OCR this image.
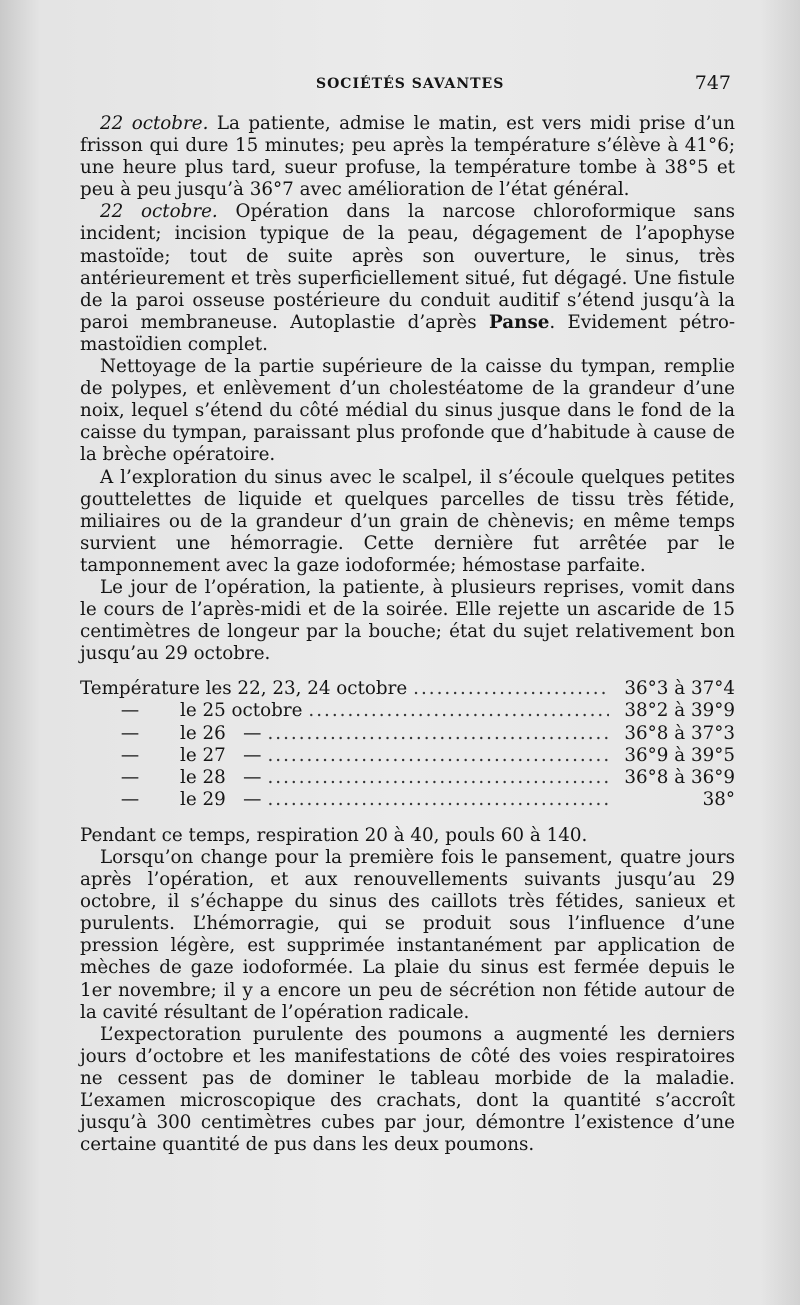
SOCIÉTÉS SAVANTES	747

22 octobre. La patiente, admise le matin, est vers midi prise d’un frisson qui dure 15 minutes; peu après la température s’élève à 41°6; une heure plus tard, sueur profuse, la température tombe à 38°5 et peu à peu jusqu’à 36°7 avec amélioration de l’état général.

22 octobre. Opération dans la narcose chloroformique sans incident; incision typique de la peau, dégagement de l’apophyse mastoïde; tout de suite après son ouverture, le sinus, très antérieurement et très superficiellement situé, fut dégagé. Une fistule de la paroi osseuse postérieure du conduit auditif s’étend jusqu’à la paroi membraneuse. Autoplastie d’après Panse. Evidement pétro-mastoïdien complet.

Nettoyage de la partie supérieure de la caisse du tympan, remplie de polypes, et enlèvement d’un cholestéatome de la grandeur d’une noix, lequel s’étend du côté médial du sinus jusque dans le fond de la caisse du tympan, paraissant plus profonde que d’habitude à cause de la brèche opératoire.

A l’exploration du sinus avec le scalpel, il s’écoule quelques petites gouttelettes de liquide et quelques parcelles de tissu très fétide, miliaires ou de la grandeur d’un grain de chènevis; en même temps survient une hémorragie. Cette dernière fut arrêtée par le tamponnement avec la gaze iodoformée; hémostase parfaite.

Le jour de l’opération, la patiente, à plusieurs reprises, vomit dans le cours de l’après-midi et de la soirée. Elle rejette un ascaride de 15 centimètres de longeur par la bouche; état du sujet relativement bon jusqu’au 29 octobre.

Température les 22, 23, 24 octobre .....	36°3 à 37°4
—	le 25 octobre .....	38°2 à 39°9
—	le 26   — .....	36°8 à 37°3
—	le 27   — .....	36°9 à 39°5
—	le 28   — .....	36°8 à 36°9
—	le 29   — .....	38°

Pendant ce temps, respiration 20 à 40, pouls 60 à 140.

Lorsqu’on change pour la première fois le pansement, quatre jours après l’opération, et aux renouvellements suivants jusqu’au 29 octobre, il s’échappe du sinus des caillots très fétides, sanieux et purulents. L’hémorragie, qui se produit sous l’influence d’une pression légère, est supprimée instantanément par application de mèches de gaze iodoformée. La plaie du sinus est fermée depuis le 1er novembre; il y a encore un peu de sécrétion non fétide autour de la cavité résultant de l’opération radicale.

L’expectoration purulente des poumons a augmenté les derniers jours d’octobre et les manifestations de côté des voies respiratoires ne cessent pas de dominer le tableau morbide de la maladie. L’examen microscopique des crachats, dont la quantité s’accroît jusqu’à 300 centimètres cubes par jour, démontre l’existence d’une certaine quantité de pus dans les deux poumons.
